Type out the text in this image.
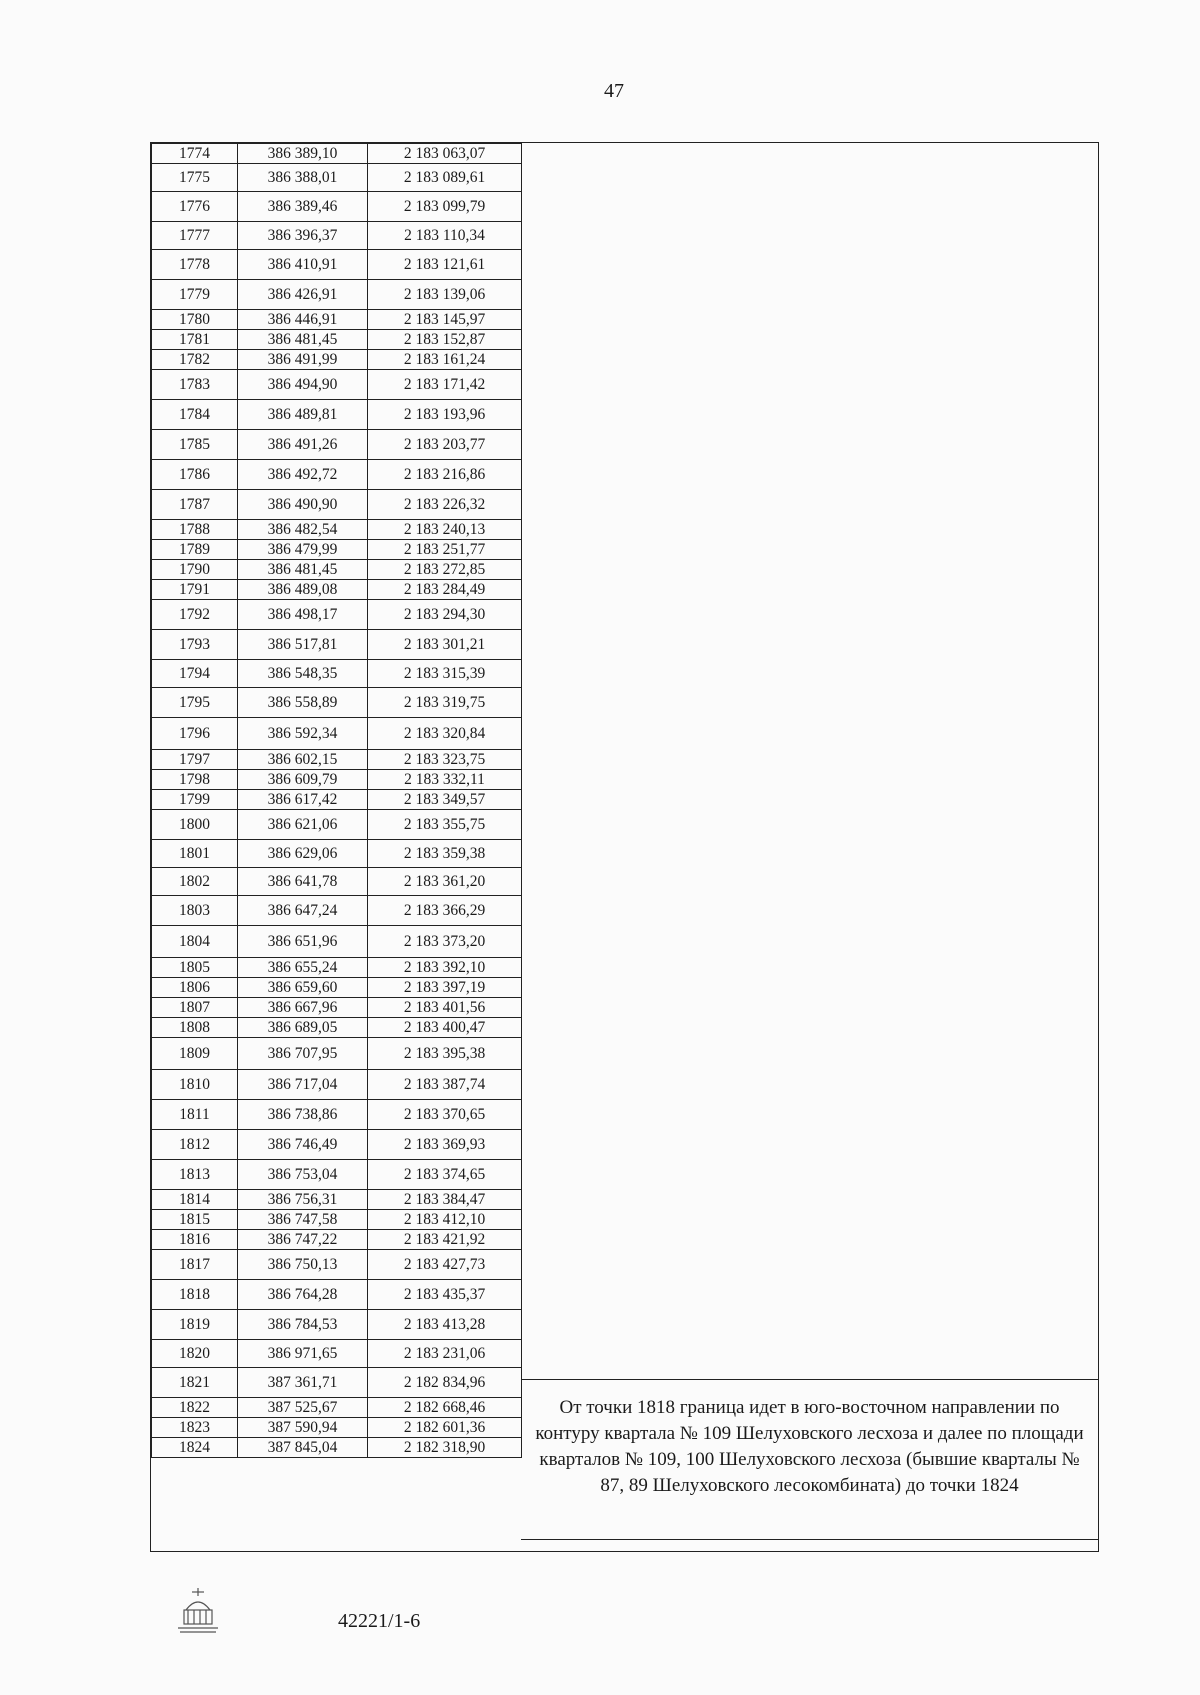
47
1774	386 389,10	2 183 063,07
1775	386 388,01	2 183 089,61
1776	386 389,46	2 183 099,79
1777	386 396,37	2 183 110,34
1778	386 410,91	2 183 121,61
1779	386 426,91	2 183 139,06
1780	386 446,91	2 183 145,97
1781	386 481,45	2 183 152,87
1782	386 491,99	2 183 161,24
1783	386 494,90	2 183 171,42
1784	386 489,81	2 183 193,96
1785	386 491,26	2 183 203,77
1786	386 492,72	2 183 216,86
1787	386 490,90	2 183 226,32
1788	386 482,54	2 183 240,13
1789	386 479,99	2 183 251,77
1790	386 481,45	2 183 272,85
1791	386 489,08	2 183 284,49
1792	386 498,17	2 183 294,30
1793	386 517,81	2 183 301,21
1794	386 548,35	2 183 315,39
1795	386 558,89	2 183 319,75
1796	386 592,34	2 183 320,84
1797	386 602,15	2 183 323,75
1798	386 609,79	2 183 332,11
1799	386 617,42	2 183 349,57
1800	386 621,06	2 183 355,75
1801	386 629,06	2 183 359,38
1802	386 641,78	2 183 361,20
1803	386 647,24	2 183 366,29
1804	386 651,96	2 183 373,20
1805	386 655,24	2 183 392,10
1806	386 659,60	2 183 397,19
1807	386 667,96	2 183 401,56
1808	386 689,05	2 183 400,47
1809	386 707,95	2 183 395,38
1810	386 717,04	2 183 387,74
1811	386 738,86	2 183 370,65
1812	386 746,49	2 183 369,93
1813	386 753,04	2 183 374,65
1814	386 756,31	2 183 384,47
1815	386 747,58	2 183 412,10
1816	386 747,22	2 183 421,92
1817	386 750,13	2 183 427,73
1818	386 764,28	2 183 435,37
1819	386 784,53	2 183 413,28
1820	386 971,65	2 183 231,06
1821	387 361,71	2 182 834,96
1822	387 525,67	2 182 668,46
1823	387 590,94	2 182 601,36
1824	387 845,04	2 182 318,90
От точки 1818 граница идет в юго-восточном направлении по контуру квартала № 109 Шелуховского лесхоза и далее по площади кварталов № 109, 100 Шелуховского лесхоза (бывшие кварталы № 87, 89 Шелуховского лесокомбината) до точки 1824
42221/1-6
